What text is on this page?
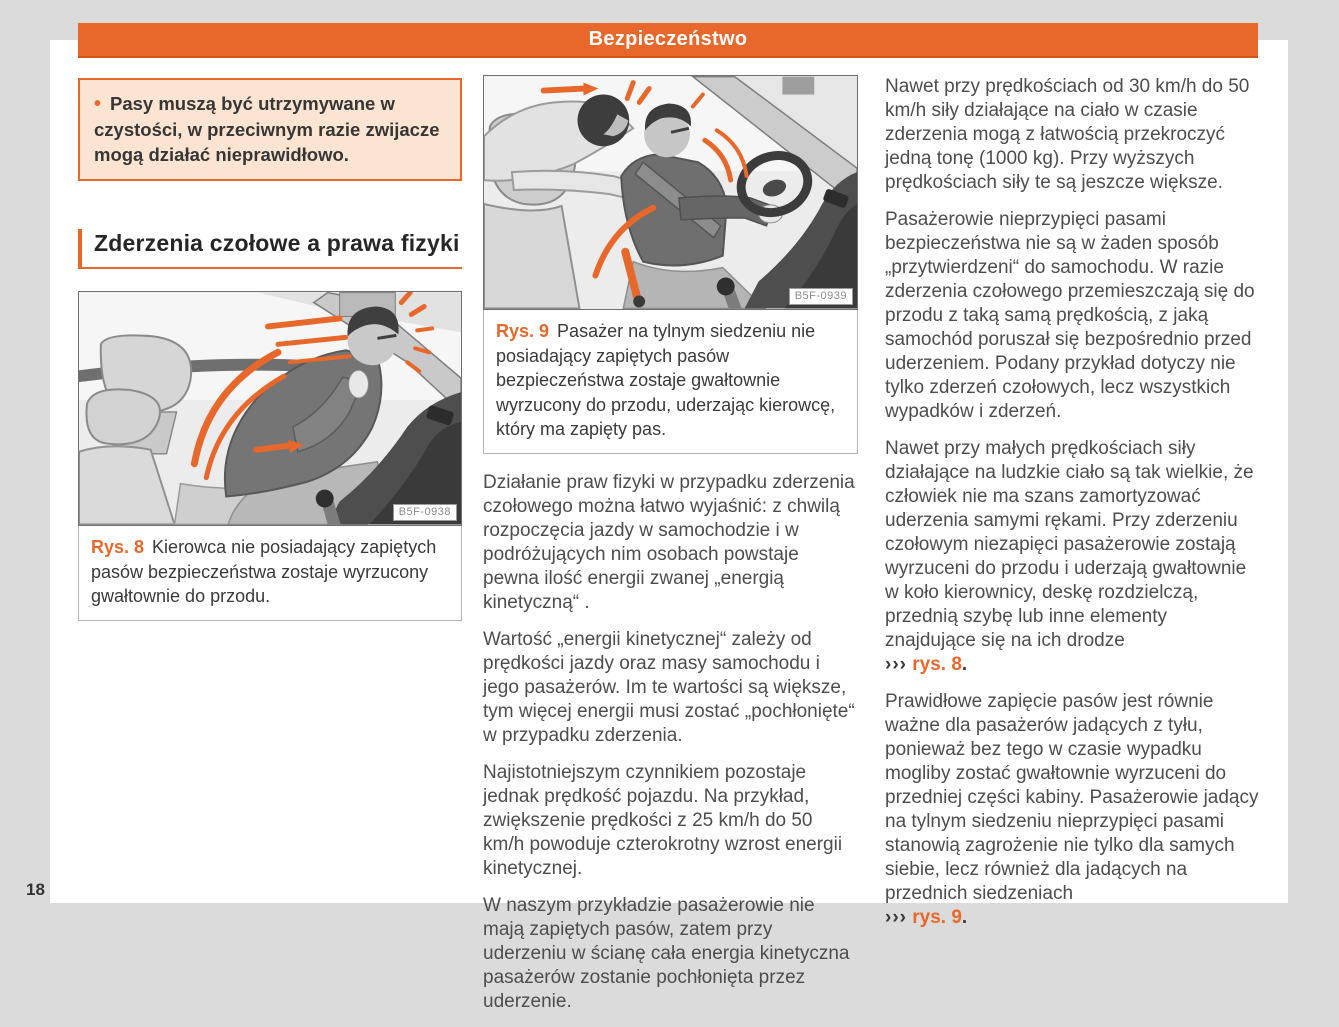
Bezpieczeństwo
18
• Pasy muszą być utrzymywane w czystości, w przeciwnym razie zwijacze mogą działać nieprawidłowo.
Zderzenia czołowe a prawa fizyki
B5F-0938
Rys. 8 Kierowca nie posiadający zapiętych pasów bezpieczeństwa zostaje wyrzucony gwałtownie do przodu.
B5F-0939
Rys. 9 Pasażer na tylnym siedzeniu nie posiadający zapiętych pasów bezpieczeństwa zostaje gwałtownie wyrzucony do przodu, uderzając kierowcę, który ma zapięty pas.

Działanie praw fizyki w przypadku zderzenia czołowego można łatwo wyjaśnić: z chwilą rozpoczęcia jazdy w samochodzie i w podróżujących nim osobach powstaje pewna ilość energii zwanej „energią kinetyczną“ .

Wartość „energii kinetycznej“ zależy od prędkości jazdy oraz masy samochodu i jego pasażerów. Im te wartości są większe, tym więcej energii musi zostać „pochłonięte“ w przypadku zderzenia.

Najistotniejszym czynnikiem pozostaje jednak prędkość pojazdu. Na przykład, zwiększenie prędkości z 25 km/h do 50 km/h powoduje czterokrotny wzrost energii kinetycznej.

W naszym przykładzie pasażerowie nie mają zapiętych pasów, zatem przy uderzeniu w ścianę cała energia kinetyczna pasażerów zostanie pochłonięta przez uderzenie.

Nawet przy prędkościach od 30 km/h do 50 km/h siły działające na ciało w czasie zderzenia mogą z łatwością przekroczyć jedną tonę (1000 kg). Przy wyższych prędkościach siły te są jeszcze większe.

Pasażerowie nieprzypięci pasami bezpieczeństwa nie są w żaden sposób „przytwierdzeni“ do samochodu. W razie zderzenia czołowego przemieszczają się do przodu z taką samą prędkością, z jaką samochód poruszał się bezpośrednio przed uderzeniem. Podany przykład dotyczy nie tylko zderzeń czołowych, lecz wszystkich wypadków i zderzeń.

Nawet przy małych prędkościach siły działające na ludzkie ciało są tak wielkie, że człowiek nie ma szans zamortyzować uderzenia samymi rękami. Przy zderzeniu czołowym niezapięci pasażerowie zostają wyrzuceni do przodu i uderzają gwałtownie w koło kierownicy, deskę rozdzielczą, przednią szybę lub inne elementy znajdujące się na ich drodze
››› rys. 8.

Prawidłowe zapięcie pasów jest równie ważne dla pasażerów jadących z tyłu, ponieważ bez tego w czasie wypadku mogliby zostać gwałtownie wyrzuceni do przedniej części kabiny. Pasażerowie jadący na tylnym siedzeniu nieprzypięci pasami stanowią zagrożenie nie tylko dla samych siebie, lecz również dla jadących na przednich siedzeniach
››› rys. 9.
